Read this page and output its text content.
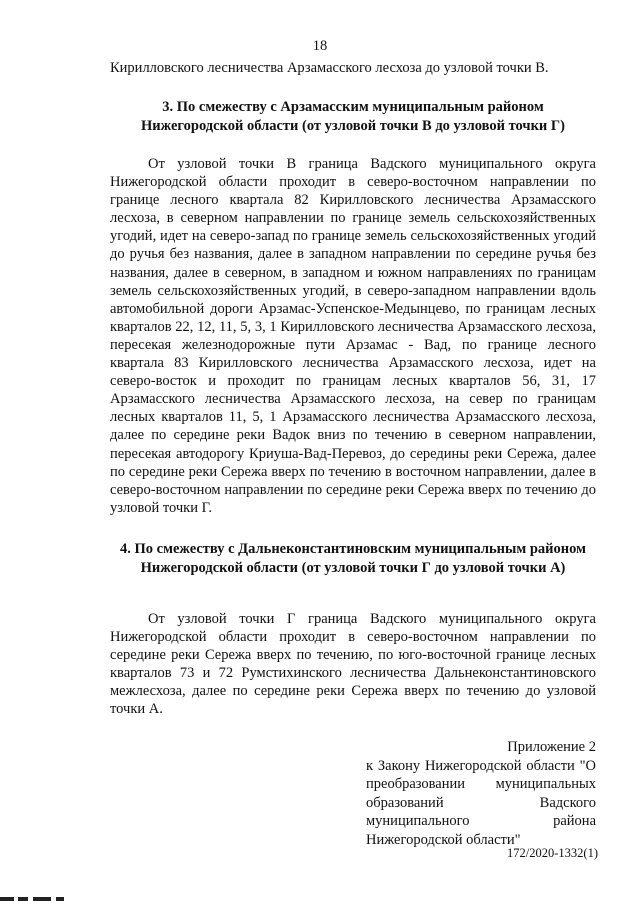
18
Кирилловского лесничества Арзамасского лесхоза до узловой точки В.
3. По смежеству с Арзамасским муниципальным районом Нижегородской области (от узловой точки В до узловой точки Г)

От узловой точки В граница Вадского муниципального округа Нижегородской области проходит в северо-восточном направлении по границе лесного квартала 82 Кирилловского лесничества Арзамасского лесхоза, в северном направлении по границе земель сельскохозяйственных угодий, идет на северо-запад по границе земель сельскохозяйственных угодий до ручья без названия, далее в западном направлении по середине ручья без названия, далее в северном, в западном и южном направлениях по границам земель сельскохозяйственных угодий, в северо-западном направлении вдоль автомобильной дороги Арзамас-Успенское-Медынцево, по границам лесных кварталов 22, 12, 11, 5, 3, 1 Кирилловского лесничества Арзамасского лесхоза, пересекая железнодорожные пути Арзамас - Вад, по границе лесного квартала 83 Кирилловского лесничества Арзамасского лесхоза, идет на северо-восток и проходит по границам лесных кварталов 56, 31, 17 Арзамасского лесничества Арзамасского лесхоза, на север по границам лесных кварталов 11, 5, 1 Арзамасского лесничества Арзамасского лесхоза, далее по середине реки Вадок вниз по течению в северном направлении, пересекая автодорогу Криуша-Вад-Перевоз, до середины реки Сережа, далее по середине реки Сережа вверх по течению в восточном направлении, далее в северо-восточном направлении по середине реки Сережа вверх по течению до узловой точки Г.

4. По смежеству с Дальнеконстантиновским муниципальным районом Нижегородской области (от узловой точки Г до узловой точки А)

От узловой точки Г граница Вадского муниципального округа Нижегородской области проходит в северо-восточном направлении по середине реки Сережа вверх по течению, по юго-восточной границе лесных кварталов 73 и 72 Румстихинского лесничества Дальнеконстантиновского межлесхоза, далее по середине реки Сережа вверх по течению до узловой точки А.

Приложение 2
к Закону Нижегородской области "О преобразовании муниципальных образований Вадского муниципального района Нижегородской области"
172/2020-1332(1)
